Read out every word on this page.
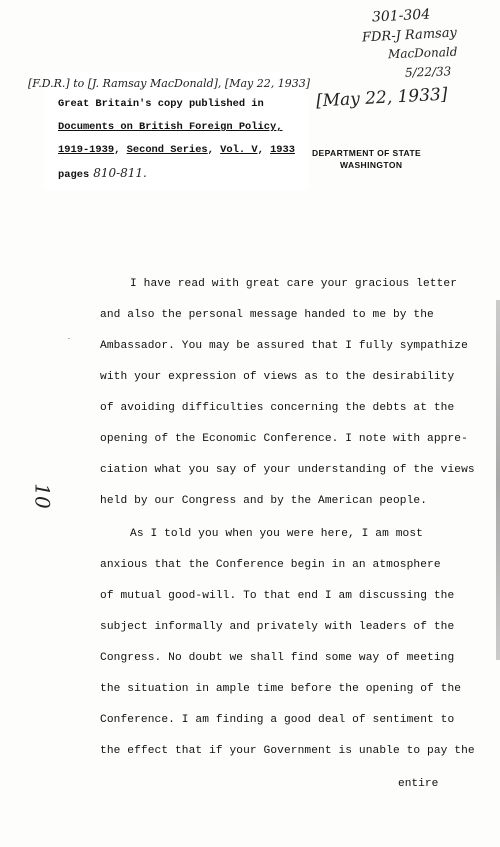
301-304
FDR-J Ramsay
MacDonald
5/22/33
[F.D.R.] to [J. Ramsay MacDonald], [May 22, 1933]
Great Britain's copy published in
Documents on British Foreign Policy,
1919-1939, Second Series, Vol. V, 1933
pages 810-811.
[May 22, 1933]
DEPARTMENT OF STATE
WASHINGTON
10
.
I have read with great care your gracious letter
and also the personal message handed to me by the
Ambassador. You may be assured that I fully sympathize
with your expression of views as to the desirability
of avoiding difficulties concerning the debts at the
opening of the Economic Conference. I note with appre-
ciation what you say of your understanding of the views
held by our Congress and by the American people.
As I told you when you were here, I am most
anxious that the Conference begin in an atmosphere
of mutual good-will. To that end I am discussing the
subject informally and privately with leaders of the
Congress. No doubt we shall find some way of meeting
the situation in ample time before the opening of the
Conference. I am finding a good deal of sentiment to
the effect that if your Government is unable to pay the
entire
